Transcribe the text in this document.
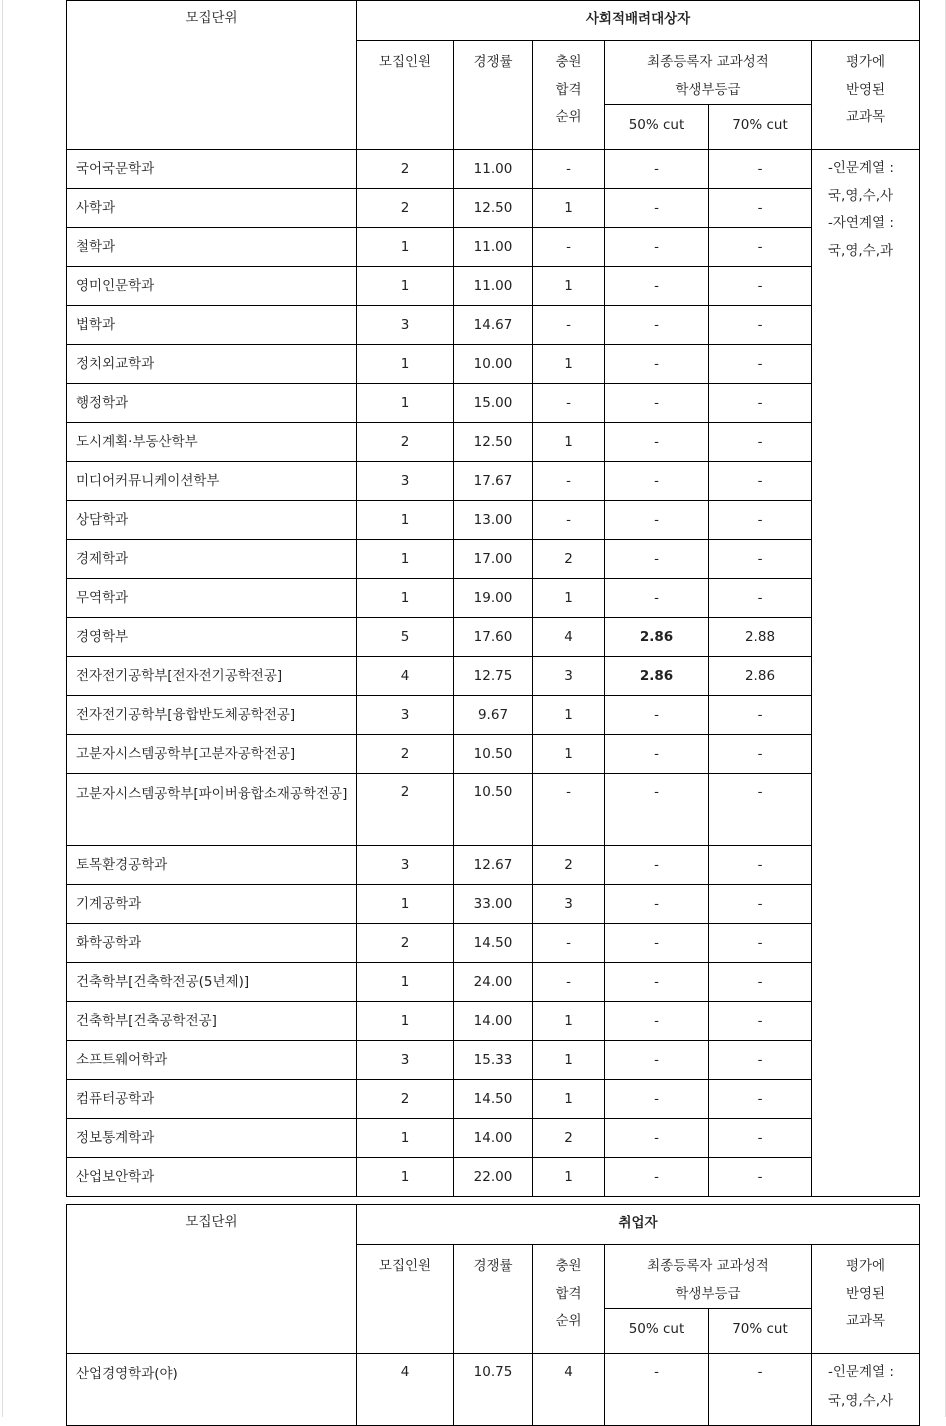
모집단위	사회적배려대상자					
	모집인원	경쟁률	충원
합격
순위	최종등록자 교과성적
학생부등급		평가에
반영된
교과목
				50% cut	70% cut	
국어국문학과	2	11.00	-	-	-	-인문계열 :
국,영,수,사
-자연계열 :
국,영,수,과
사학과	2	12.50	1	-	-	
철학과	1	11.00	-	-	-	
영미인문학과	1	11.00	1	-	-	
법학과	3	14.67	-	-	-	
정치외교학과	1	10.00	1	-	-	
행정학과	1	15.00	-	-	-	
도시계획·부동산학부	2	12.50	1	-	-	
미디어커뮤니케이션학부	3	17.67	-	-	-	
상담학과	1	13.00	-	-	-	
경제학과	1	17.00	2	-	-	
무역학과	1	19.00	1	-	-	
경영학부	5	17.60	4	2.86	2.88	
전자전기공학부[전자전기공학전공]	4	12.75	3	2.86	2.86	
전자전기공학부[융합반도체공학전공]	3	9.67	1	-	-	
고분자시스템공학부[고분자공학전공]	2	10.50	1	-	-	
고분자시스템공학부[파이버융합소재공학전공]	2	10.50	-	-	-	
토목환경공학과	3	12.67	2	-	-	
기계공학과	1	33.00	3	-	-	
화학공학과	2	14.50	-	-	-	
건축학부[건축학전공(5년제)]	1	24.00	-	-	-	
건축학부[건축공학전공]	1	14.00	1	-	-	
소프트웨어학과	3	15.33	1	-	-	
컴퓨터공학과	2	14.50	1	-	-	
정보통계학과	1	14.00	2	-	-	
산업보안학과	1	22.00	1	-	-	
모집단위	취업자					
	모집인원	경쟁률	충원
합격
순위	최종등록자 교과성적
학생부등급		평가에
반영된
교과목
				50% cut	70% cut	
산업경영학과(야)	4	10.75	4	-	-	-인문계열 :
국,영,수,사
